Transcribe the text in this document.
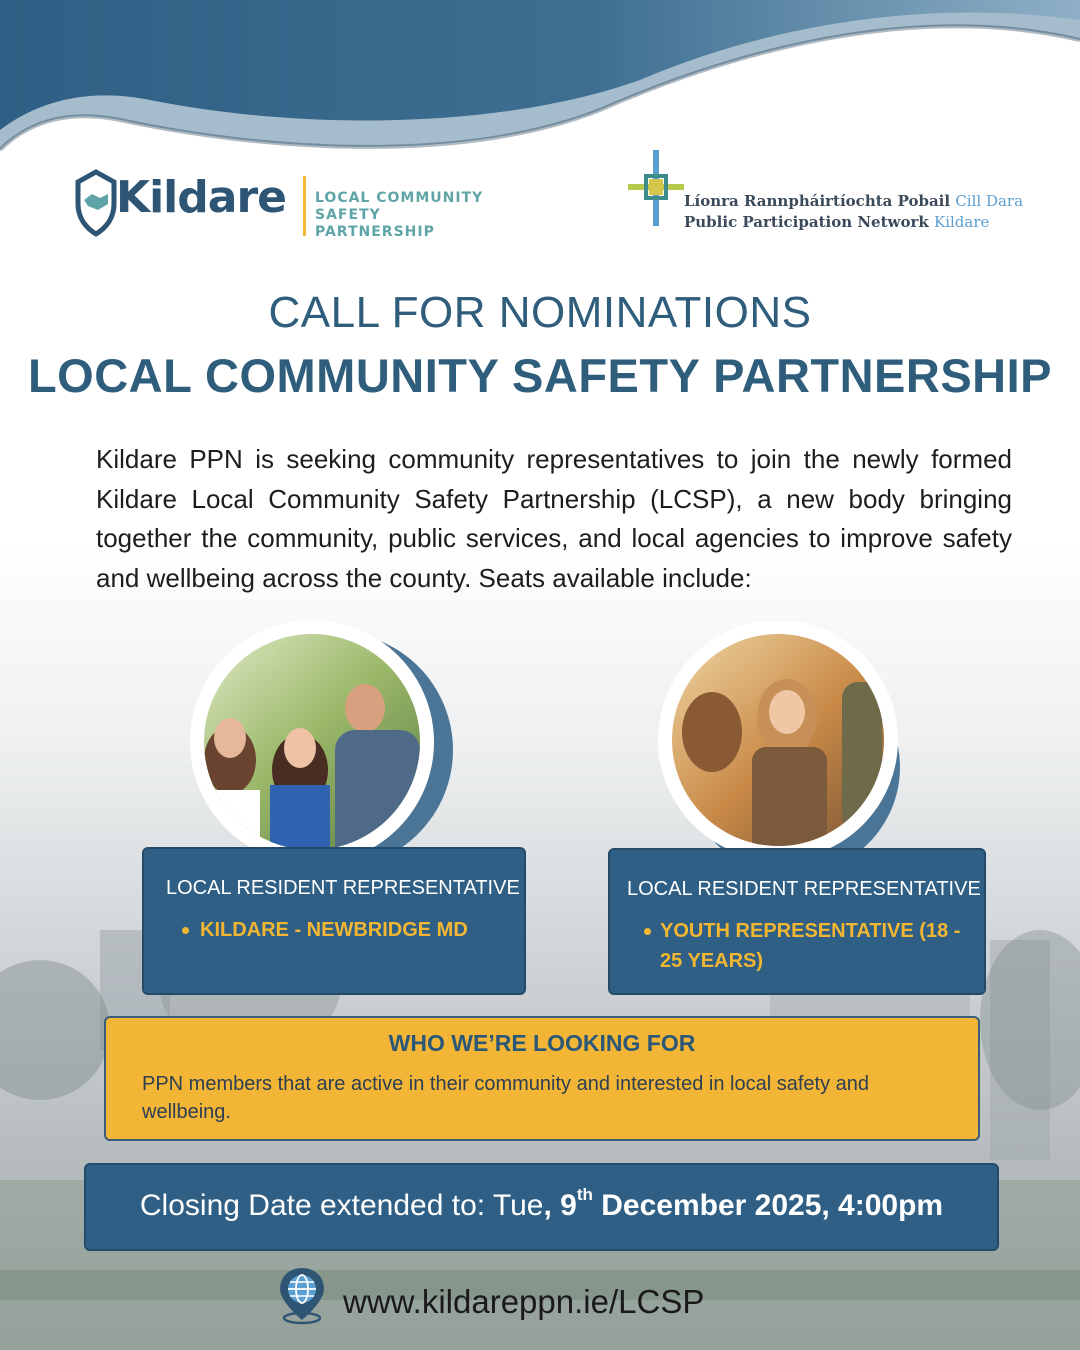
Kildare LOCAL COMMUNITY
SAFETY PARTNERSHIP
Líonra Rannpháirtíochta Pobail Cill Dara
Public Participation Network Kildare
CALL FOR NOMINATIONS
LOCAL COMMUNITY SAFETY PARTNERSHIP

Kildare PPN is seeking community representatives to join the newly formed Kildare Local Community Safety Partnership (LCSP), a new body bringing together the community, public services, and local agencies to improve safety and wellbeing across the county. Seats available include:

LOCAL RESIDENT REPRESENTATIVE
KILDARE - NEWBRIDGE MD
LOCAL RESIDENT REPRESENTATIVE
YOUTH REPRESENTATIVE (18 - 25 YEARS)
WHO WE’RE LOOKING FOR
PPN members that are active in their community and interested in local safety and wellbeing.
Closing Date extended to: Tue, 9th December 2025, 4:00pm
www.kildareppn.ie/LCSP
